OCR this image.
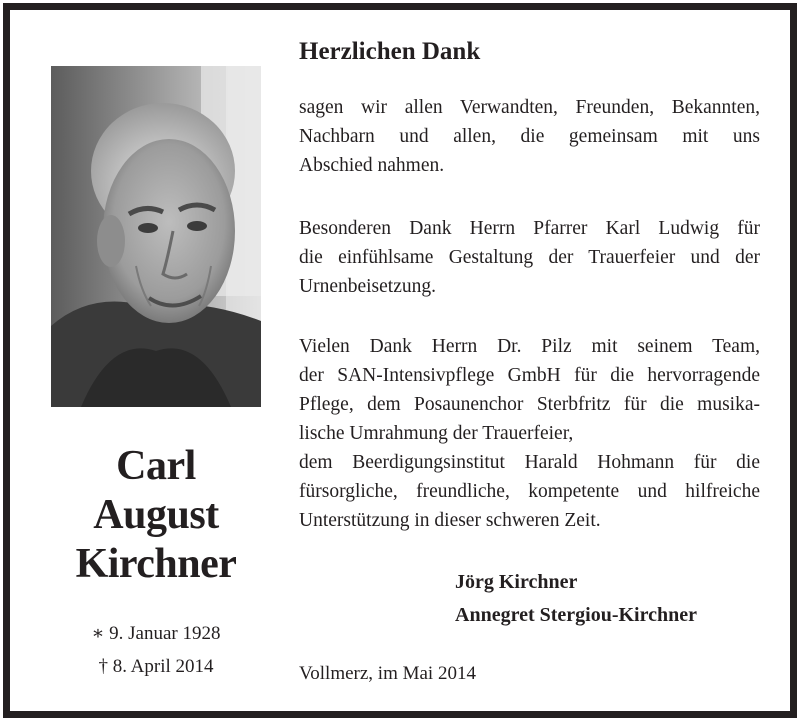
Carl
August
Kirchner
∗ 9. Januar 1928
† 8. April 2014
Herzlichen Dank
sagen wir allen Verwandten, Freunden, Bekannten,
Nachbarn und allen, die gemeinsam mit uns
Abschied nahmen.
Besonderen Dank Herrn Pfarrer Karl Ludwig für
die einfühlsame Gestaltung der Trauerfeier und der
Urnenbeisetzung.
Vielen Dank Herrn Dr. Pilz mit seinem Team,
der SAN-Intensivpflege GmbH für die hervorragende
Pflege, dem Posaunenchor Sterbfritz für die musika-
lische Umrahmung der Trauerfeier,
dem Beerdigungsinstitut Harald Hohmann für die
fürsorgliche, freundliche, kompetente und hilfreiche
Unterstützung in dieser schweren Zeit.
Jörg Kirchner
Annegret Stergiou-Kirchner
Vollmerz, im Mai 2014
